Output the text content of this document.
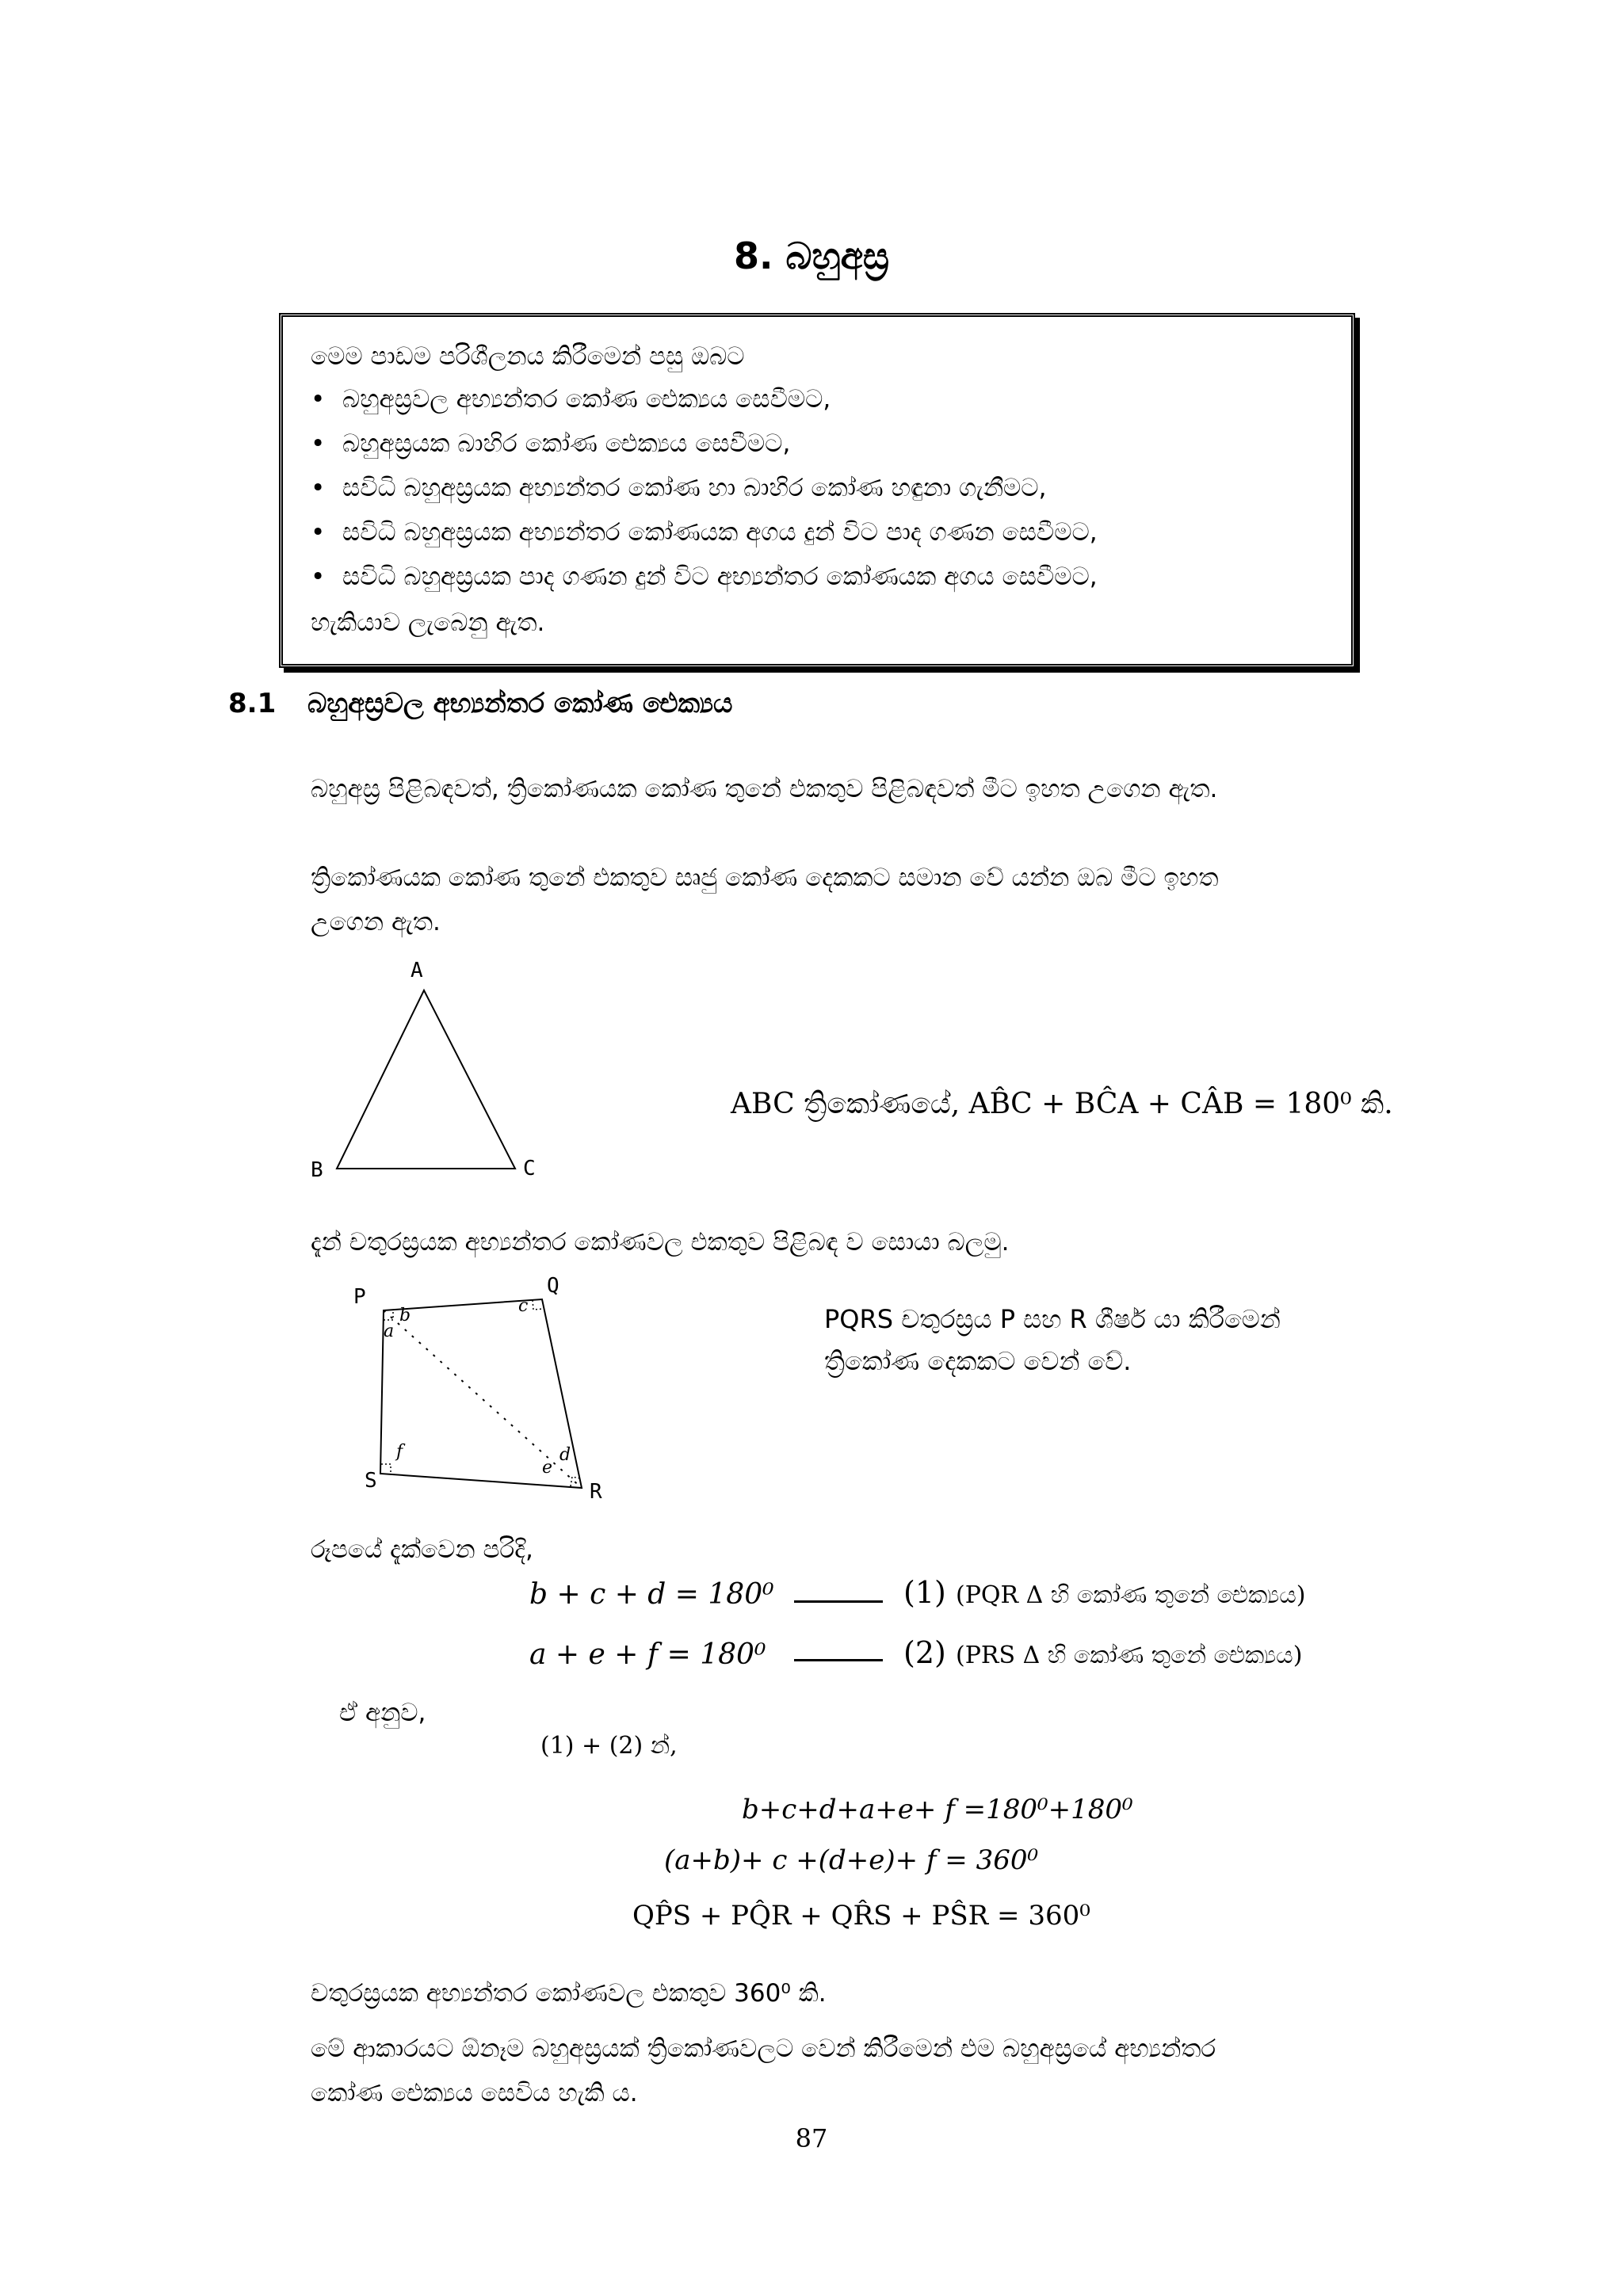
8. බහුඅස්‍ර
මෙම පාඩම පරිශීලනය කිරීමෙන් පසු ඔබට
• බහුඅස්‍රවල අභ්‍යන්තර කෝණ ඓක්‍යය සෙවීමට,
• බහුඅස්‍රයක බාහිර කෝණ ඓක්‍යය සෙවීමට,
• සවිධි බහුඅස්‍රයක අභ්‍යන්තර කෝණ හා බාහිර කෝණ හඳුනා ගැනීමට,
• සවිධි බහුඅස්‍රයක අභ්‍යන්තර කෝණයක අගය දුන් විට පාද ගණන සෙවීමට,
• සවිධි බහුඅස්‍රයක පාද ගණන දුන් විට අභ්‍යන්තර කෝණයක අගය සෙවීමට,
හැකියාව ලැබෙනු ඇත.
8.1 බහුඅස්‍රවල අභ්‍යන්තර කෝණ ඓක්‍යය
බහුඅස්‍ර පිළිබඳවත්, ත්‍රිකෝණයක කෝණ තුනේ එකතුව පිළිබඳවත් මීට ඉහත උගෙන ඇත.
ත්‍රිකෝණයක කෝණ තුනේ එකතුව සෘජු කෝණ දෙකකට සමාන වේ යන්න ඔබ මීට ඉහත
උගෙන ඇත.
A
B	C
ABC ත්‍රිකෝණයේ, AB̂C + BĈA + CÂB = 180⁰ කි.
දැන් චතුරස්‍රයක අභ්‍යන්තර කෝණවල එකතුව පිළිබඳ ව සොයා බලමු.
P	Q
R
S
a
b	c
d
e
f
PQRS චතුරස්‍රය P සහ R ශීර්ෂ යා කිරීමෙන්
ත්‍රිකෝණ දෙකකට වෙන් වේ.
රූපයේ දැක්වෙන පරිදි,
b + c + d = 180⁰	(1) (PQR Δ හි කෝණ තුනේ ඓක්‍යය)
a + e + f = 180⁰	(2) (PRS Δ හි කෝණ තුනේ ඓක්‍යය)
ඒ අනුව,
(1) + (2) න්,
b+c+d+a+e+ f =180⁰+180⁰
(a+b)+ c +(d+e)+ f = 360⁰
QP̂S + PQ̂R + QR̂S + PŜR = 360⁰
චතුරස්‍රයක අභ්‍යන්තර කෝණවල එකතුව 360⁰ කි.
මේ ආකාරයට ඕනෑම බහුඅස්‍රයක් ත්‍රිකෝණවලට වෙන් කිරීමෙන් එම බහුඅස්‍රයේ අභ්‍යන්තර
කෝණ ඓක්‍යය සෙවිය හැකි ය.
87
